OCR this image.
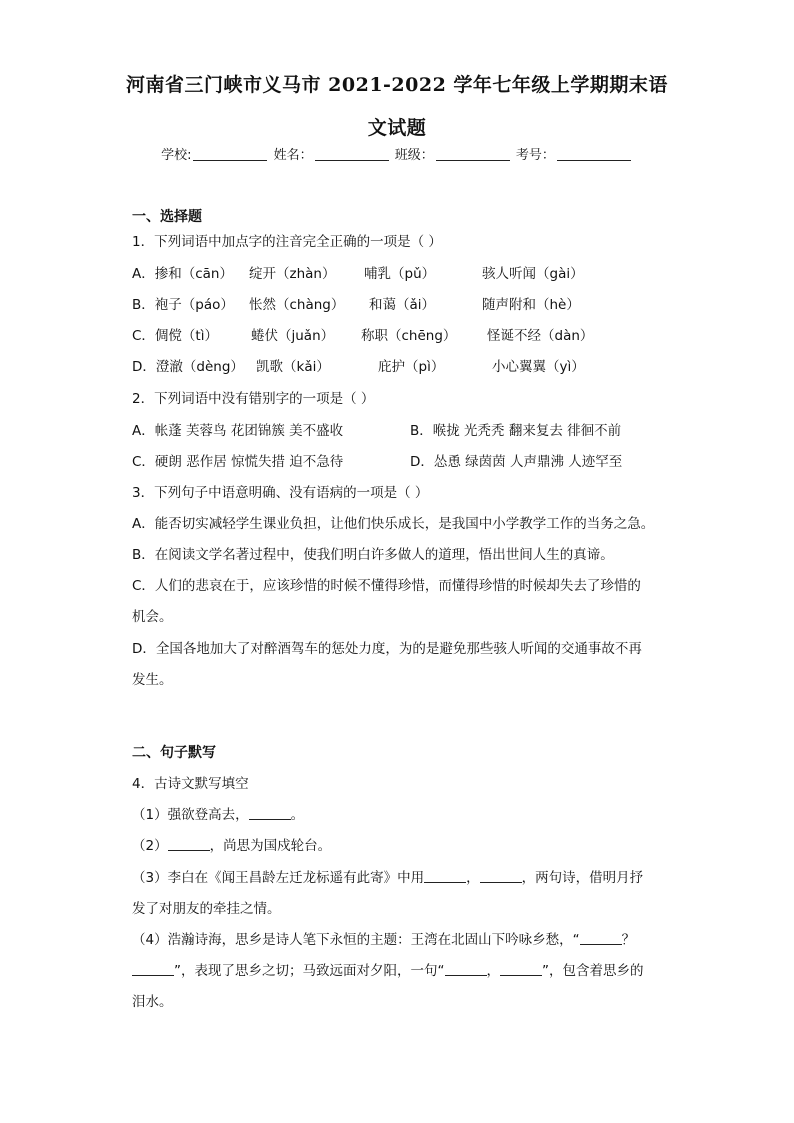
河南省三门峡市义马市 2021-2022 学年七年级上学期期末语
文试题
学校:	姓名：	班级：	考号：
一、选择题
1．下列词语中加点字的注音完全正确的一项是（ ）
A．掺和（cān） 绽开（zhàn） 哺乳（pǔ）	骇人听闻（gài）
B．袍子（páo） 怅然（chàng） 和蔼（ǎi）	随声附和（hè）
C．倜傥（tì） 蜷伏（juǎn） 称职（chēng） 怪诞不经（dàn）
D．澄澈（dèng） 凯歌（kǎi）	庇护（pì）	小心翼翼（yì）
2．下列词语中没有错别字的一项是（ ）
A．帐蓬 芙蓉鸟 花团锦簇 美不盛收	B．喉拢 光秃秃 翻来复去 徘徊不前
C．硬朗 恶作居 惊慌失措 迫不急待	D．怂恿 绿茵茵 人声鼎沸 人迹罕至
3．下列句子中语意明确、没有语病的一项是（ ）
A．能否切实减轻学生课业负担，让他们快乐成长，是我国中小学教学工作的当务之急。
B．在阅读文学名著过程中，使我们明白许多做人的道理，悟出世间人生的真谛。
C．人们的悲哀在于，应该珍惜的时候不懂得珍惜，而懂得珍惜的时候却失去了珍惜的
机会。
D．全国各地加大了对醉酒驾车的惩处力度，为的是避免那些骇人听闻的交通事故不再
发生。
二、句子默写
4．古诗文默写填空
（1）强欲登高去，	。
（2）	，尚思为国戍轮台。
（3）李白在《闻王昌龄左迁龙标遥有此寄》中用	，	，两句诗，借明月抒
发了对朋友的牵挂之情。
（4）浩瀚诗海，思乡是诗人笔下永恒的主题：王湾在北固山下吟咏乡愁，“	？
”，表现了思乡之切；马致远面对夕阳，一句“	，	”，包含着思乡的
泪水。
